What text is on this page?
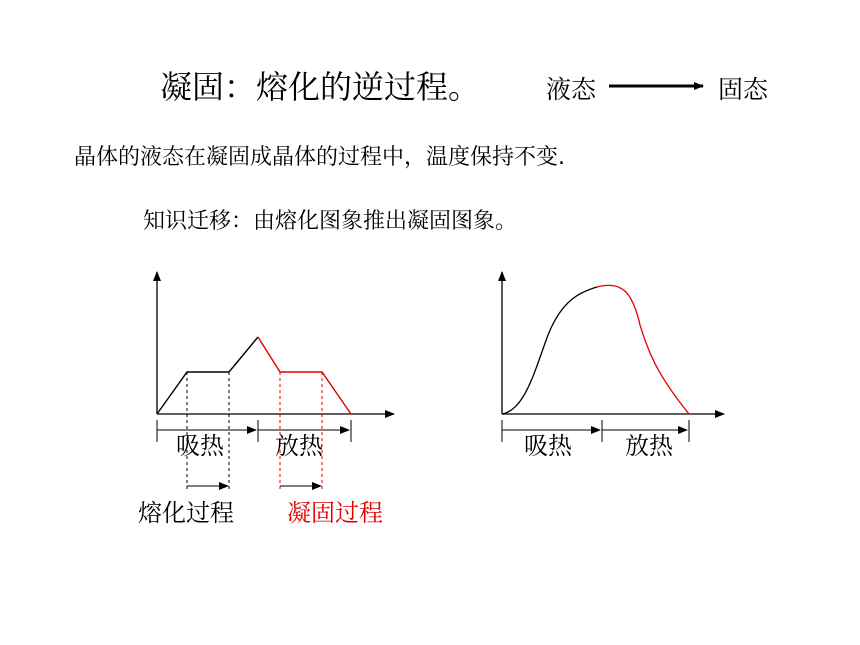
凝固：熔化的逆过程。	液态	固态
晶体的液态在凝固成晶体的过程中，温度保持不变.
知识迁移：由熔化图象推出凝固图象。
吸热 放热
熔化过程 凝固过程
吸热 放热
